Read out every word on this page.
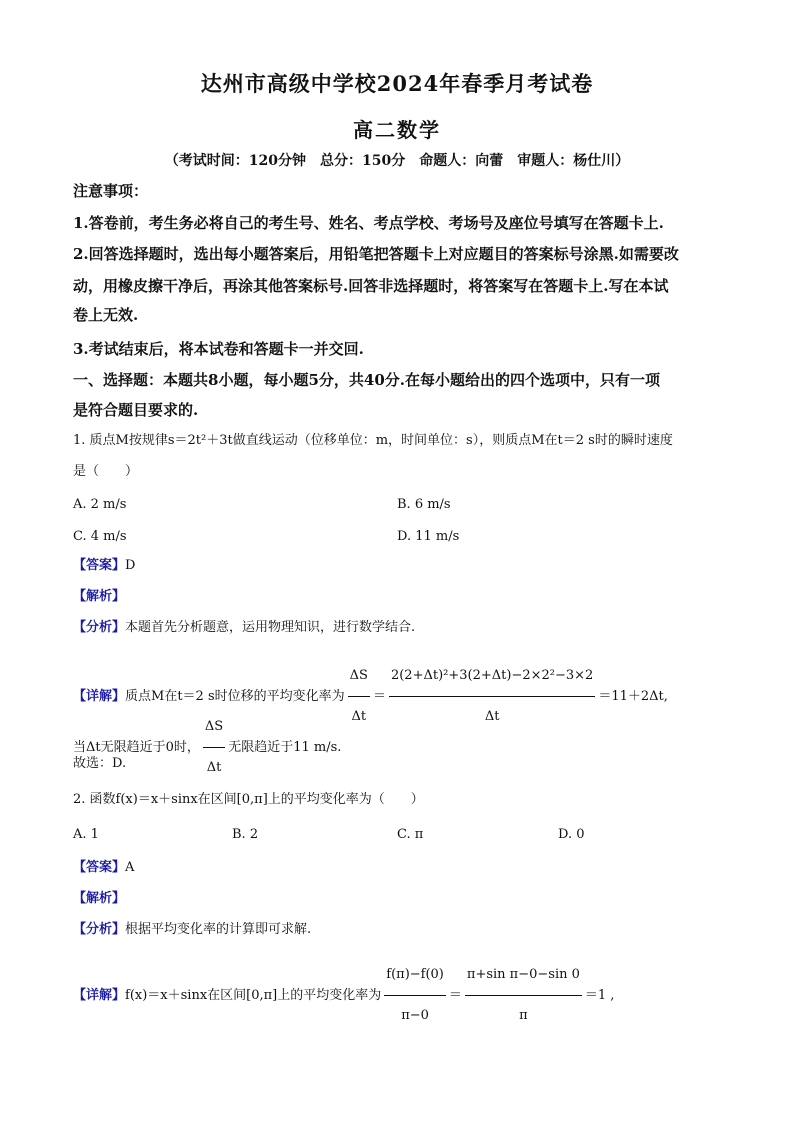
达州市高级中学校2024年春季月考试卷
高二数学
（考试时间：120分钟　总分：150分　命题人：向蕾　审题人：杨仕川）
注意事项：
1.答卷前，考生务必将自己的考生号、姓名、考点学校、考场号及座位号填写在答题卡上.
2.回答选择题时，选出每小题答案后，用铅笔把答题卡上对应题目的答案标号涂黑.如需要改
动，用橡皮擦干净后，再涂其他答案标号.回答非选择题时，将答案写在答题卡上.写在本试
卷上无效.
3.考试结束后，将本试卷和答题卡一并交回.
一、选择题：本题共8小题，每小题5分，共40分.在每小题给出的四个选项中，只有一项
是符合题目要求的.
1. 质点M按规律s＝2t²＋3t做直线运动（位移单位：m，时间单位：s），则质点M在t＝2 s时的瞬时速度
是（　　）
A. 2 m/s	B. 6 m/s
C. 4 m/s	D. 11 m/s
【答案】D
【解析】
【分析】本题首先分析题意，运用物理知识，进行数学结合.
【详解】质点M在t＝2 s时位移的平均变化率为 $\frac{\Delta S}{\Delta t} = \frac{\text{2(2+Δt)²+3(2+Δt)−2×2²−3×2}}{\Delta t} =11+2\Delta t$,
当Δt无限趋近于0时， $\frac{\Delta S}{\Delta t}$ 无限趋近于11 m/s.
故选：D.
2. 函数f(x)＝x＋sinx在区间[0,π]上的平均变化率为（　　）
A. 1	B. 2	C. π	D. 0
【答案】A
【解析】
【分析】根据平均变化率的计算即可求解.
【详解】f(x)＝x＋sinx在区间[0,π]上的平均变化率为 $\frac{f(\pi)-f(0)}{\pi-0} = \frac{\text{π+sin π−0−sin 0}}{\pi} =1$ ,
